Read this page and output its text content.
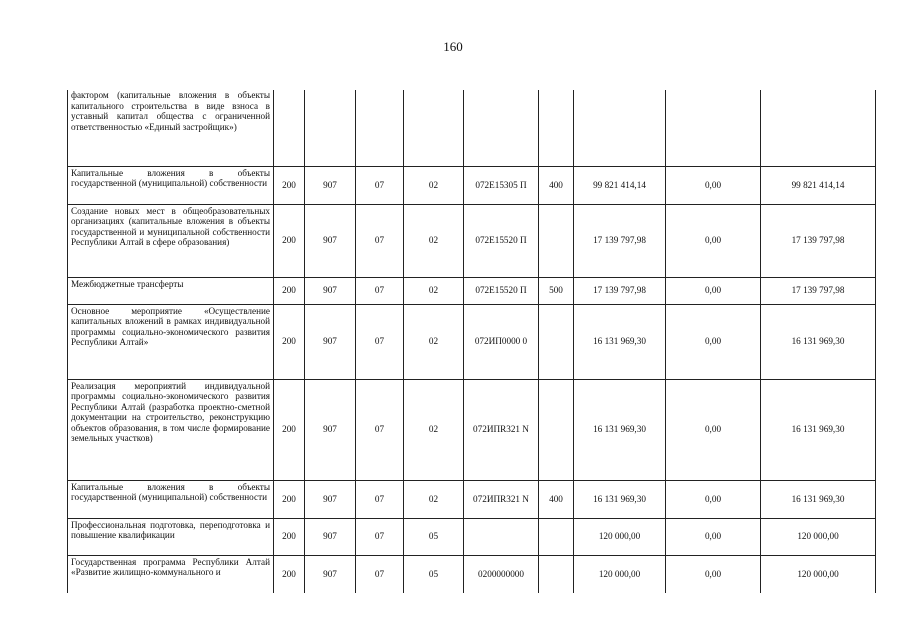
160
фактором (капитальные вложения в объекты капитального строительства в виде взноса в уставный капитал общества с ограниченной ответственностью «Единый застройщик»)									
Капитальные вложения в объекты государственной (муниципальной) собственности	200	907	07	02	072E15305 П	400	99 821 414,14	0,00	99 821 414,14
Создание новых мест в общеобразовательных организациях (капитальные вложения в объекты государственной и муниципальной собственности Республики Алтай в сфере образования)	200	907	07	02	072E15520 П		17 139 797,98	0,00	17 139 797,98
Межбюджетные трансферты	200	907	07	02	072E15520 П	500	17 139 797,98	0,00	17 139 797,98
Основное мероприятие «Осуществление капитальных вложений в рамках индивидуальной программы социально-экономического развития Республики Алтай»	200	907	07	02	072ИП0000 0		16 131 969,30	0,00	16 131 969,30
Реализация мероприятий индивидуальной программы социально-экономического развития Республики Алтай (разработка проектно-сметной документации на строительство, реконструкцию объектов образования, в том числе формирование земельных участков)	200	907	07	02	072ИПR321 N		16 131 969,30	0,00	16 131 969,30
Капитальные вложения в объекты государственной (муниципальной) собственности	200	907	07	02	072ИПR321 N	400	16 131 969,30	0,00	16 131 969,30
Профессиональная подготовка, переподготовка и повышение квалификации	200	907	07	05			120 000,00	0,00	120 000,00
Государственная программа Республики Алтай «Развитие жилищно-коммунального и	200	907	07	05	0200000000		120 000,00	0,00	120 000,00
